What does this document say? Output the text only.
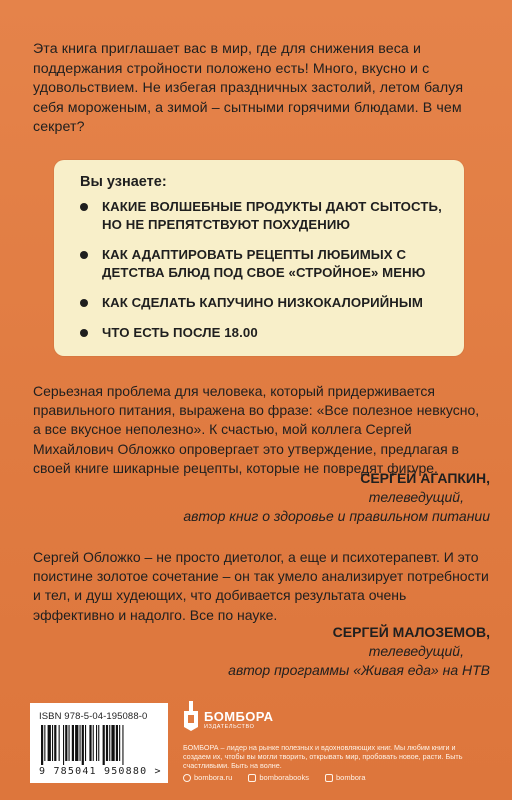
Эта книга приглашает вас в мир, где для снижения веса и поддержания стройности положено есть! Много, вкусно и с удовольствием. Не избегая праздничных застолий, летом балуя себя мороженым, а зимой – сытными горячими блюдами. В чем секрет?

Вы узнаете:
КАКИЕ ВОЛШЕБНЫЕ ПРОДУКТЫ ДАЮТ СЫТОСТЬ, НО НЕ ПРЕПЯТСТВУЮТ ПОХУДЕНИЮ
КАК АДАПТИРОВАТЬ РЕЦЕПТЫ ЛЮБИМЫХ С ДЕТСТВА БЛЮД ПОД СВОЕ «СТРОЙНОЕ» МЕНЮ
КАК СДЕЛАТЬ КАПУЧИНО НИЗКОКАЛОРИЙНЫМ
ЧТО ЕСТЬ ПОСЛЕ 18.00

Серьезная проблема для человека, который придерживается правильного питания, выражена во фразе: «Все полезное невкусно, а все вкусное неполезно». К счастью, мой коллега Сергей Михайлович Обложко опровергает это утверждение, предлагая в своей книге шикарные рецепты, которые не повредят фигуре.

СЕРГЕЙ АГАПКИН,
телеведущий,
автор книг о здоровье и правильном питании

Сергей Обложко – не просто диетолог, а еще и психотерапевт. И это поистине золотое сочетание – он так умело анализирует потребности и тел, и душ худеющих, что добивается результата очень эффективно и надолго. Все по науке.

СЕРГЕЙ МАЛОЗЕМОВ,
телеведущий,
автор программы «Живая еда» на НТВ
ISBN 978-5-04-195088-0
9 785041 950880 >
БОМБОРА
ИЗДАТЕЛЬСТВО

БОМБОРА – лидер на рынке полезных и вдохновляющих книг. Мы любим книги и создаем их, чтобы вы могли творить, открывать мир, пробовать новое, расти. Быть счастливыми. Быть на волне.

bombora.ru	bomborabooks	bombora
